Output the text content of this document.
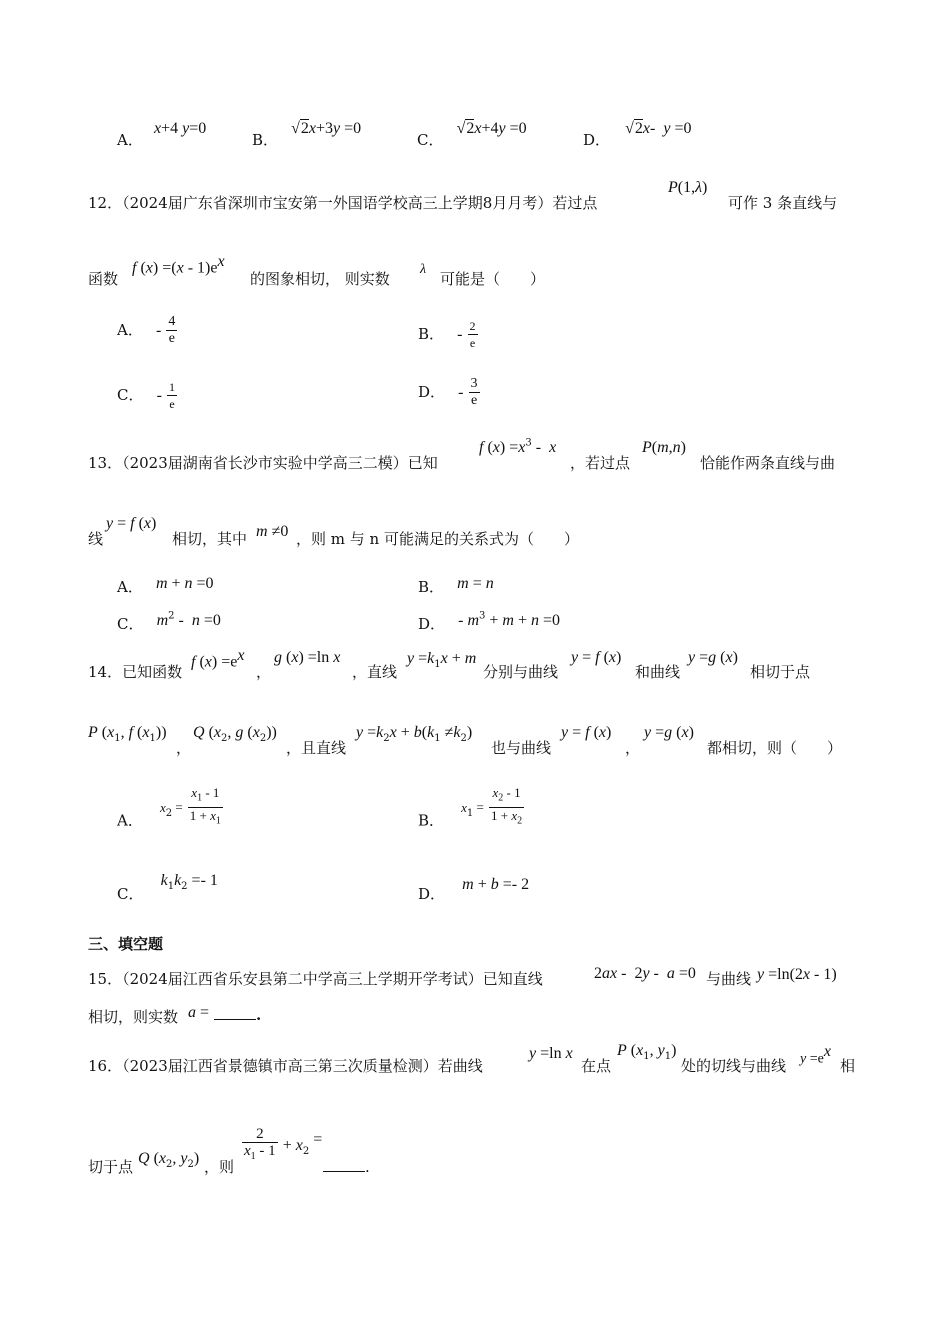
A． x+4 y=0
B． √2x+3y =0
C． √2x+4y =0
D． √2x-  y =0
12．（2024届广东省深圳市宝安第一外国语学校高三上学期8月月考）若过点
P(1,λ)
可作 3 条直线与
函数
f $(x) =(x - 1)e^x$
的图象相切， 则实数
λ
可能是（　　）
A． - $\frac{4}{e}$	B． - $\frac{2}{e}$
C． - $\frac{1}{e}$	D． - $\frac{3}{e}$
13．（2023届湖南省长沙市实验中学高三二模）已知
f $(x) =x^3 - x$
，若过点
P(m,n)
恰能作两条直线与曲
线
y = f (x)
相切，其中 m ≠0 ，则 m 与 n 可能满足的关系式为（　　）
A． m + n =0	B． m = n
C． $m^2 - n =0$	D． - $m^3 + m + n =0$
14．已知函数
f $(x) =e^x$
，
g (x) =ln x
，直线
$y =k_1x + m$
分别与曲线
y = f (x)
和曲线
y =g (x)
相切于点
P ($x_1$, f $(x_1)$)
，
Q ($x_2$, g $(x_2)$)
，且直线
$y =k_2x + b(k_1 \ne k_2)$
也与曲线
y = f (x)
，
y =g (x)
都相切，则（　　）
A． $x_2 = \frac{x_1 - 1}{1 + x_1}$	B． $x_1 = \frac{x_2 - 1}{1 + x_2}$
C． $k_1k_2 =- 1$
D． m + b =- 2
三、填空题
15．（2024届江西省乐安县第二中学高三上学期开学考试）已知直线	2ax -  2y -  a =0 与曲线 y =ln(2x - 1)
相切，则实数 a =	.
16．（2023届江西省景德镇市高三第三次质量检测）若曲线
y =ln x
在点
P ($x_1$, $y_1$)
处的切线与曲线 $y =e^x$
相
切于点 Q ($x_2$, $y_2$) ，则
$\frac{2}{x_1 - 1} + x_2$ =
.
